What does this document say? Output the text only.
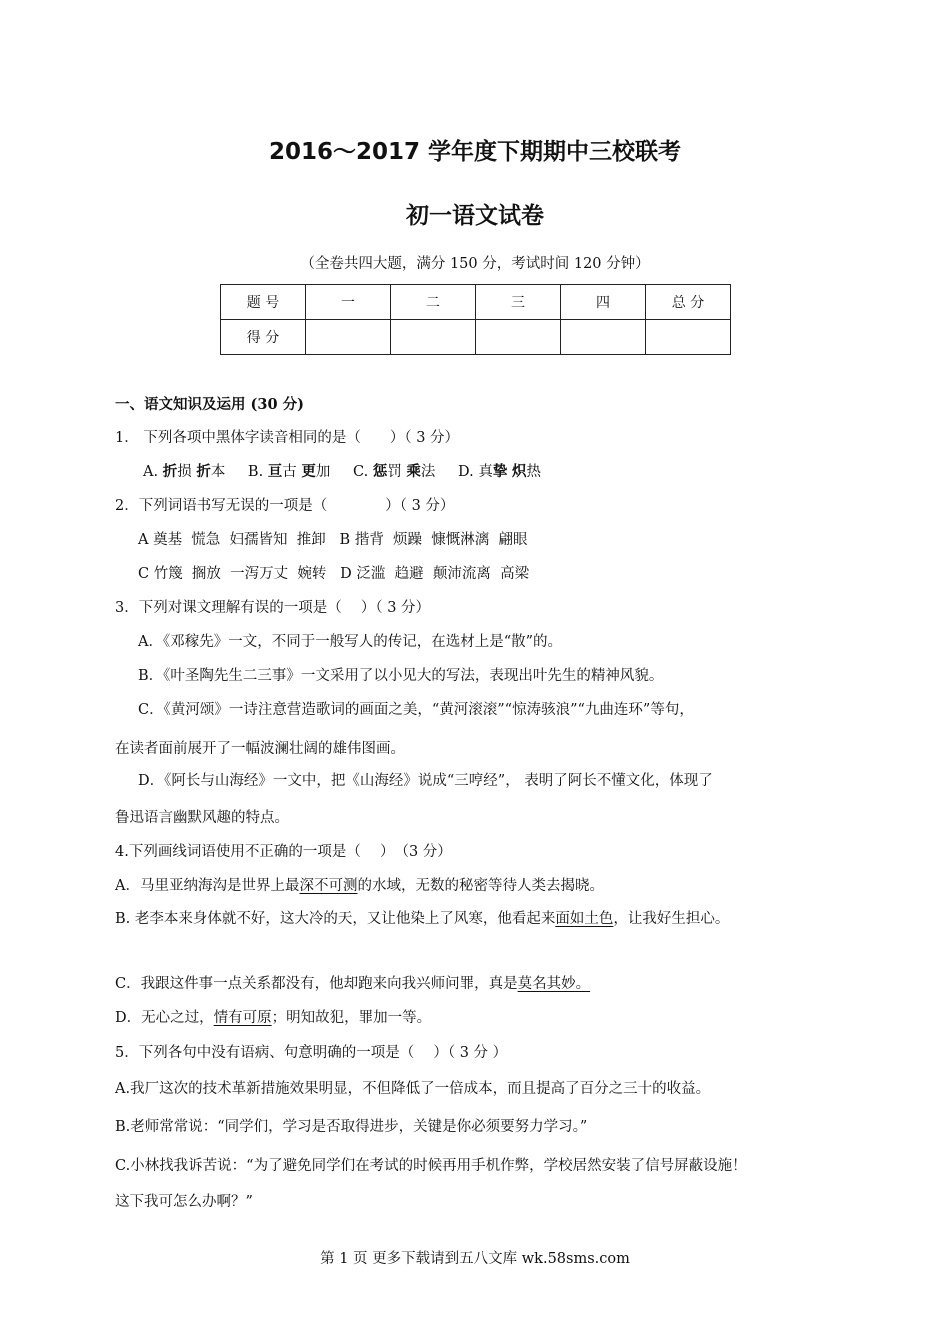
2016～2017 学年度下期期中三校联考
初一语文试卷
（全卷共四大题，满分 150 分，考试时间 120 分钟）
题 号	一	二	三	四	总 分
得 分					
一、语文知识及运用 (30 分)
1． 下列各项中黑体字读音相同的是（　　）（ 3 分）
A. 折损 折本 B. 亘古 更加 C. 惩罚 乘法 D. 真挚 炽热
2．下列词语书写无误的一项是（　　　　）（ 3 分）
A 奠基  慌急  妇孺皆知  推卸   B 揩背  烦躁  慷慨淋漓  翩眼
C 竹篾  搁放  一泻万丈  婉转   D 泛滥  趋避  颠沛流离  高梁
3．下列对课文理解有误的一项是（　 ）（ 3 分）
A．《邓稼先》一文，不同于一般写人的传记，在选材上是“散”的。
B．《叶圣陶先生二三事》一文采用了以小见大的写法，表现出叶先生的精神风貌。
C．《黄河颂》一诗注意营造歌词的画面之美，“黄河滚滚”“惊涛骇浪”“九曲连环”等句，
在读者面前展开了一幅波澜壮阔的雄伟图画。
D．《阿长与山海经》一文中，把《山海经》说成“三哼经”， 表明了阿长不懂文化，体现了
鲁迅语言幽默风趣的特点。
4.下列画线词语使用不正确的一项是（　 ）　（3 分）
A．马里亚纳海沟是世界上最深不可测的水域，无数的秘密等待人类去揭晓。
B. 老李本来身体就不好，这大冷的天，又让他染上了风寒，他看起来面如土色，让我好生担心。
C．我跟这件事一点关系都没有，他却跑来向我兴师问罪，真是莫名其妙。
D．无心之过，情有可原；明知故犯，罪加一等。
5．下列各句中没有语病、句意明确的一项是（　 ）（ 3 分 ）
A.我厂这次的技术革新措施效果明显，不但降低了一倍成本，而且提高了百分之三十的收益。
B.老师常常说：“同学们，学习是否取得进步，关键是你必须要努力学习。”
C.小林找我诉苦说：“为了避免同学们在考试的时候再用手机作弊，学校居然安装了信号屏蔽设施！
这下我可怎么办啊？”
第 1 页 更多下载请到五八文库 wk.58sms.com
